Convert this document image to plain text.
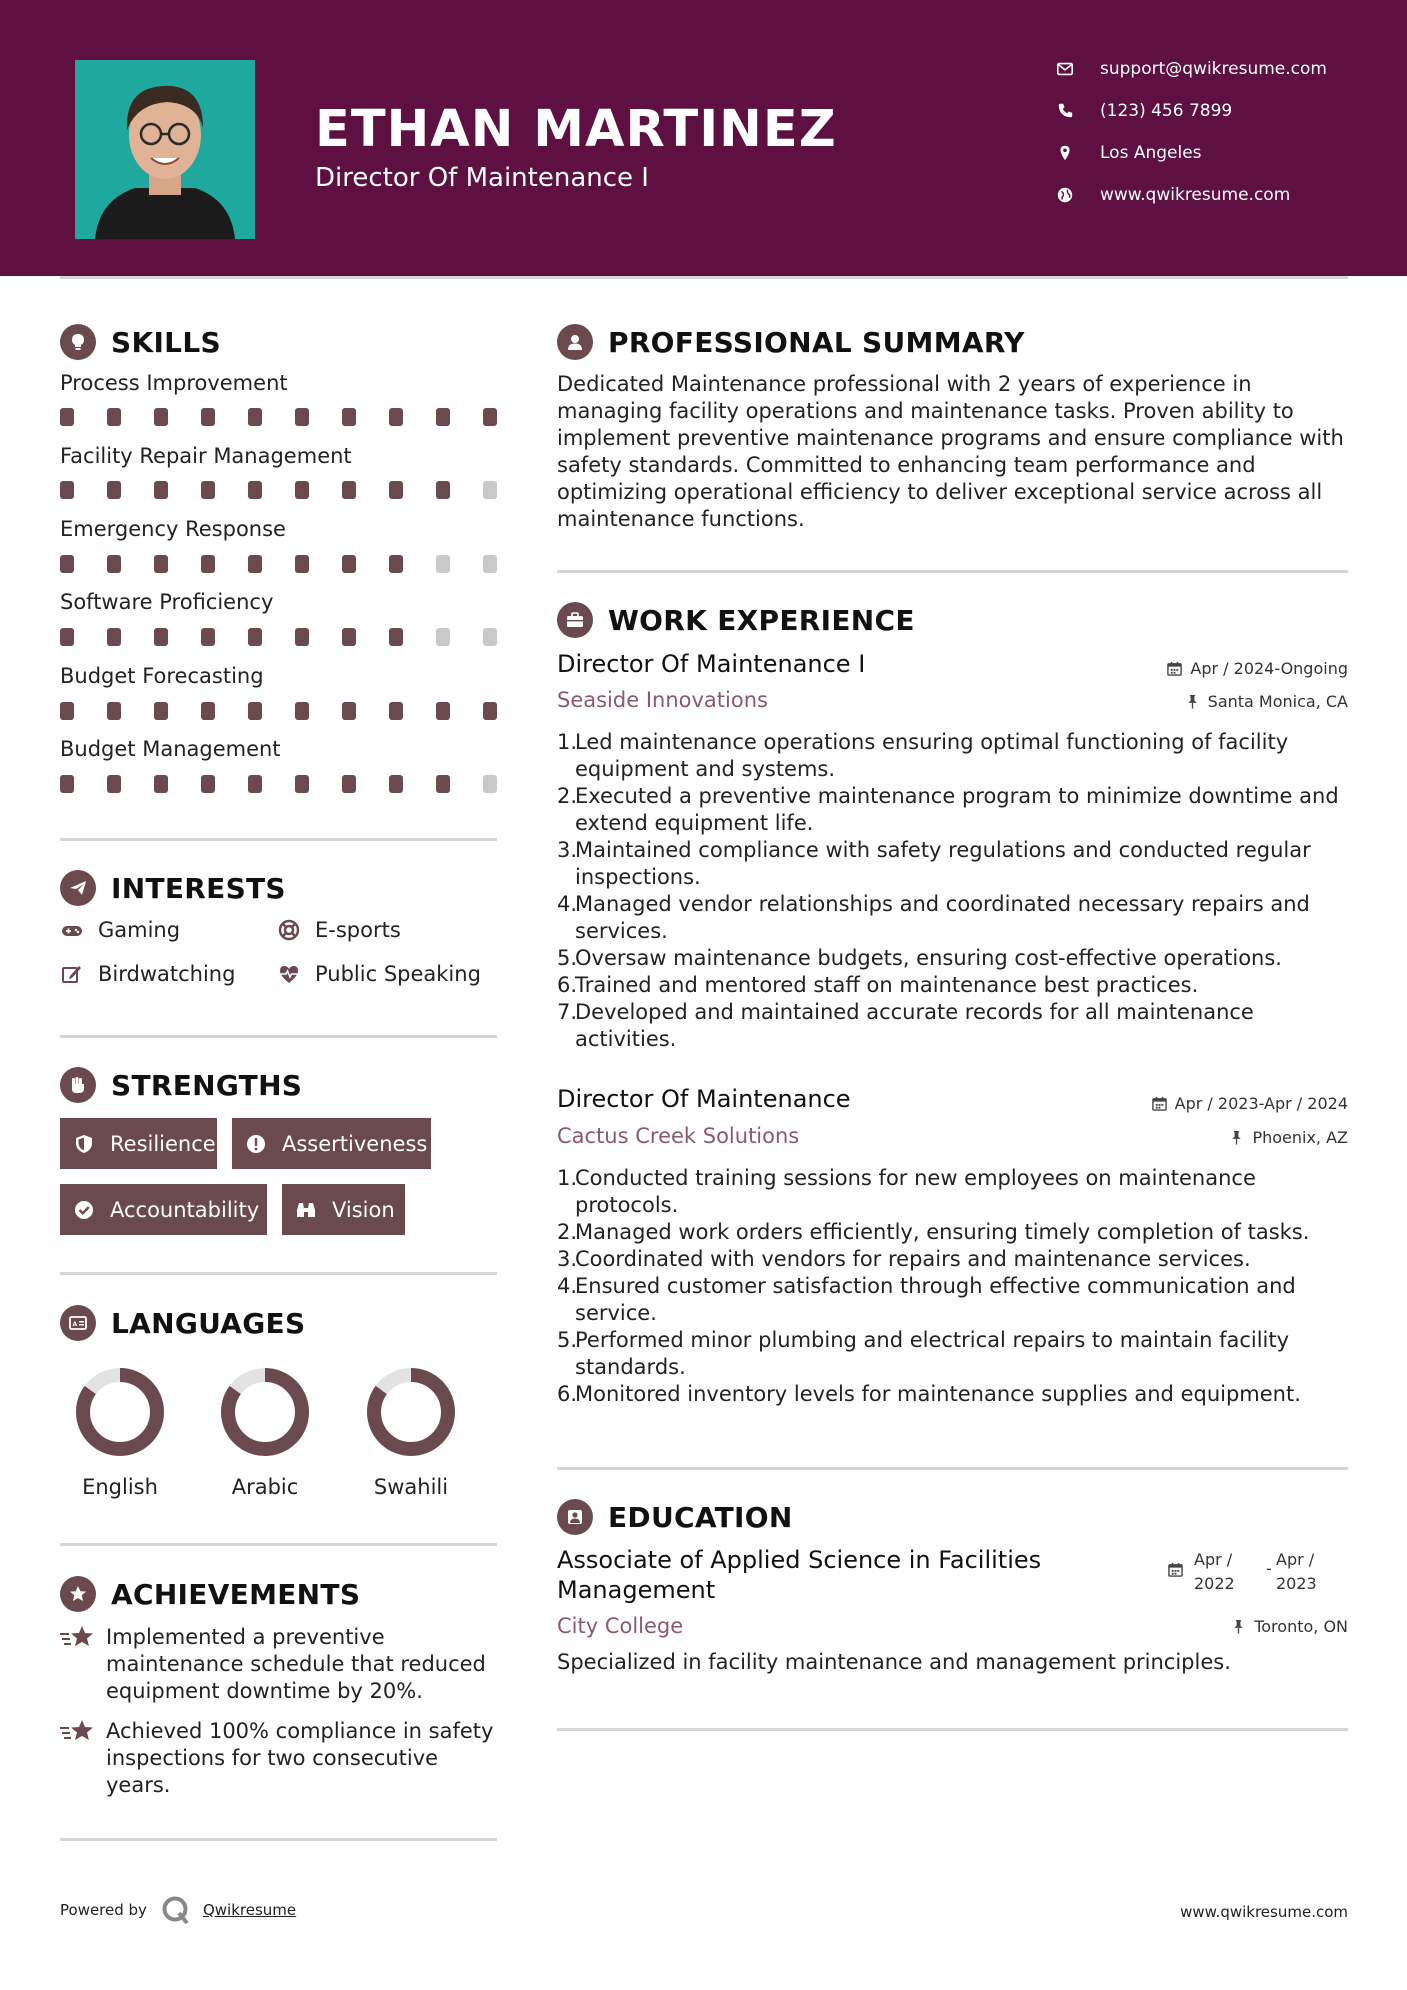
ETHAN MARTINEZ
Director Of Maintenance I
support@qwikresume.com
(123) 456 7899
Los Angeles
www.qwikresume.com
SKILLS
Process Improvement
Facility Repair Management
Emergency Response
Software Proficiency
Budget Forecasting
Budget Management
INTERESTS
Gaming	E-sports
Birdwatching	Public Speaking
STRENGTHS
Resilience	Assertiveness
Accountability	Vision
A LANGUAGES
English	Arabic	Swahili
ACHIEVEMENTS
Implemented a preventive maintenance schedule that reduced equipment downtime by 20%.
Achieved 100% compliance in safety inspections for two consecutive years.
PROFESSIONAL SUMMARY
Dedicated Maintenance professional with 2 years of experience in managing facility operations and maintenance tasks. Proven ability to implement preventive maintenance programs and ensure compliance with safety standards. Committed to enhancing team performance and optimizing operational efficiency to deliver exceptional service across all maintenance functions.
WORK EXPERIENCE
Director Of Maintenance I	Apr / 2024-Ongoing
Seaside Innovations	Santa Monica, CA
1.
Led maintenance operations ensuring optimal functioning of facility equipment and systems.
2.
Executed a preventive maintenance program to minimize downtime and extend equipment life.
3.
Maintained compliance with safety regulations and conducted regular inspections.
4.
Managed vendor relationships and coordinated necessary repairs and services.
5.
Oversaw maintenance budgets, ensuring cost-effective operations.
6.
Trained and mentored staff on maintenance best practices.
7.
Developed and maintained accurate records for all maintenance activities.
Director Of Maintenance	Apr / 2023-Apr / 2024
Cactus Creek Solutions	Phoenix, AZ
1.
Conducted training sessions for new employees on maintenance protocols.
2.
Managed work orders efficiently, ensuring timely completion of tasks.
3.
Coordinated with vendors for repairs and maintenance services.
4.
Ensured customer satisfaction through effective communication and service.
5.
Performed minor plumbing and electrical repairs to maintain facility standards.
6.
Monitored inventory levels for maintenance supplies and equipment.
EDUCATION
Associate of Applied Science in Facilities
Management
Apr /
2022
- Apr /
2023
City College	Toronto, ON
Specialized in facility maintenance and management principles.
Powered by	Qwikresume	www.qwikresume.com
